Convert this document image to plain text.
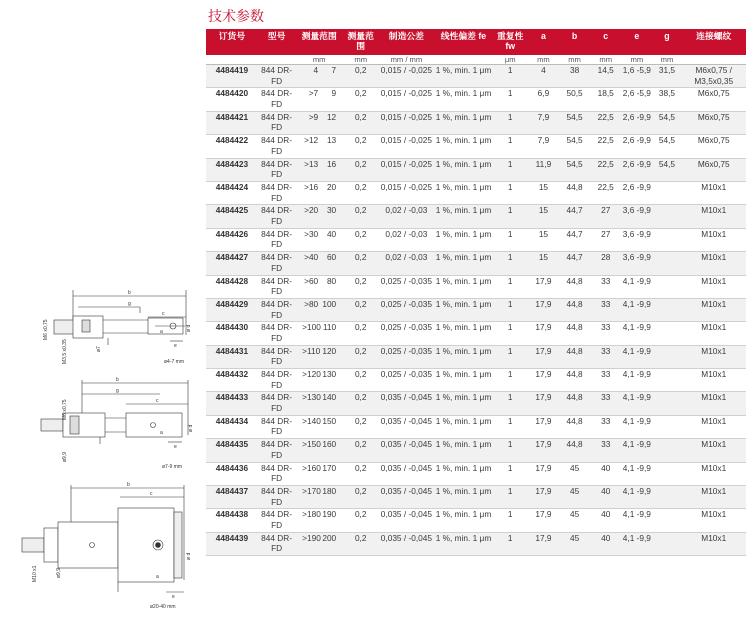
技术参数
b
g
c
a
e
M6 x0,75
M3,5 x0,35	ø7
ø d
ø4-7 mm
b
g
c
a
e
M6 x0,75
ø9,9
ø d
ø7-9 mm
b
c
a
e
M10 x1	ø9,9
ø d
ø20-40 mm
订货号	型号	测量范围	测量范围	制造公差	线性偏差 fe	重复性 fw	a	b	c	e	g	连接螺纹
		mm	mm	mm / mm		μm	mm	mm	mm	mm	mm	
4484419	844 DR-FD	4 7	0,2	0,015 / -0,025	1 %, min. 1 μm	1	4	38	14,5	1,6 -5,9	31,5	M6x0,75 / M3,5x0,35
4484420	844 DR-FD	>7 9	0,2	0,015 / -0,025	1 %, min. 1 μm	1	6,9	50,5	18,5	2,6 -5,9	38,5	M6x0,75
4484421	844 DR-FD	>9 12	0,2	0,015 / -0,025	1 %, min. 1 μm	1	7,9	54,5	22,5	2,6 -9,9	54,5	M6x0,75
4484422	844 DR-FD	>12 13	0,2	0,015 / -0,025	1 %, min. 1 μm	1	7,9	54,5	22,5	2,6 -9,9	54,5	M6x0,75
4484423	844 DR-FD	>13 16	0,2	0,015 / -0,025	1 %, min. 1 μm	1	11,9	54,5	22,5	2,6 -9,9	54,5	M6x0,75
4484424	844 DR-FD	>16 20	0,2	0,015 / -0,025	1 %, min. 1 μm	1	15	44,8	22,5	2,6 -9,9		M10x1
4484425	844 DR-FD	>20 30	0,2	0,02 / -0,03	1 %, min. 1 μm	1	15	44,7	27	3,6 -9,9		M10x1
4484426	844 DR-FD	>30 40	0,2	0,02 / -0,03	1 %, min. 1 μm	1	15	44,7	27	3,6 -9,9		M10x1
4484427	844 DR-FD	>40 60	0,2	0,02 / -0,03	1 %, min. 1 μm	1	15	44,7	28	3,6 -9,9		M10x1
4484428	844 DR-FD	>60 80	0,2	0,025 / -0,035	1 %, min. 1 μm	1	17,9	44,8	33	4,1 -9,9		M10x1
4484429	844 DR-FD	>80 100	0,2	0,025 / -0,035	1 %, min. 1 μm	1	17,9	44,8	33	4,1 -9,9		M10x1
4484430	844 DR-FD	>100 110	0,2	0,025 / -0,035	1 %, min. 1 μm	1	17,9	44,8	33	4,1 -9,9		M10x1
4484431	844 DR-FD	>110 120	0,2	0,025 / -0,035	1 %, min. 1 μm	1	17,9	44,8	33	4,1 -9,9		M10x1
4484432	844 DR-FD	>120130	0,2	0,025 / -0,035	1 %, min. 1 μm	1	17,9	44,8	33	4,1 -9,9		M10x1
4484433	844 DR-FD	>130140	0,2	0,035 / -0,045	1 %, min. 1 μm	1	17,9	44,8	33	4,1 -9,9		M10x1
4484434	844 DR-FD	>140150	0,2	0,035 / -0,045	1 %, min. 1 μm	1	17,9	44,8	33	4,1 -9,9		M10x1
4484435	844 DR-FD	>150160	0,2	0,035 / -0,045	1 %, min. 1 μm	1	17,9	44,8	33	4,1 -9,9		M10x1
4484436	844 DR-FD	>160170	0,2	0,035 / -0,045	1 %, min. 1 μm	1	17,9	45	40	4,1 -9,9		M10x1
4484437	844 DR-FD	>170180	0,2	0,035 / -0,045	1 %, min. 1 μm	1	17,9	45	40	4,1 -9,9		M10x1
4484438	844 DR-FD	>180190	0,2	0,035 / -0,045	1 %, min. 1 μm	1	17,9	45	40	4,1 -9,9		M10x1
4484439	844 DR-FD	>190200	0,2	0,035 / -0,045	1 %, min. 1 μm	1	17,9	45	40	4,1 -9,9		M10x1
